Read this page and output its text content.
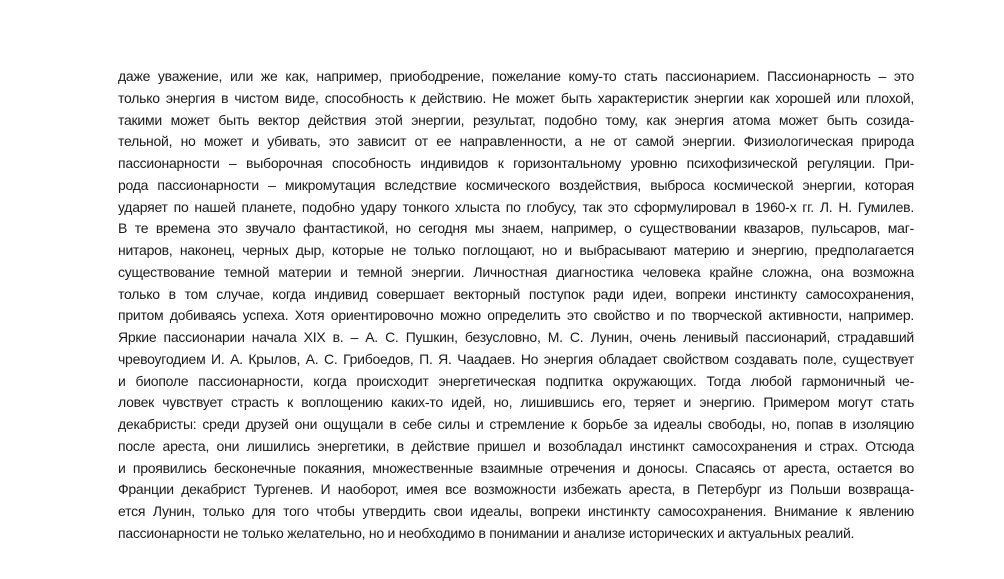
даже уважение, или же как, например, приободрение, пожелание кому-то стать пассионарием. Пассионарность – это
только энергия в чистом виде, способность к действию. Не может быть характеристик энергии как хорошей или плохой,
такими может быть вектор действия этой энергии, результат, подобно тому, как энергия атома может быть созида-
тельной, но может и убивать, это зависит от ее направленности, а не от самой энергии. Физиологическая природа
пассионарности – выборочная способность индивидов к горизонтальному уровню психофизической регуляции. При-
рода пассионарности – микромутация вследствие космического воздействия, выброса космической энергии, которая
ударяет по нашей планете, подобно удару тонкого хлыста по глобусу, так это сформулировал в 1960-х гг. Л. Н. Гумилев.
В те времена это звучало фантастикой, но сегодня мы знаем, например, о существовании квазаров, пульсаров, маг-
нитаров, наконец, черных дыр, которые не только поглощают, но и выбрасывают материю и энергию, предполагается
существование темной материи и темной энергии. Личностная диагностика человека крайне сложна, она возможна
только в том случае, когда индивид совершает векторный поступок ради идеи, вопреки инстинкту самосохранения,
притом добиваясь успеха. Хотя ориентировочно можно определить это свойство и по творческой активности, например.
Яркие пассионарии начала XIX в. – А. С. Пушкин, безусловно, М. С. Лунин, очень ленивый пассионарий, страдавший
чревоугодием И. А. Крылов, А. С. Грибоедов, П. Я. Чаадаев. Но энергия обладает свойством создавать поле, существует
и биополе пассионарности, когда происходит энергетическая подпитка окружающих. Тогда любой гармоничный че-
ловек чувствует страсть к воплощению каких-то идей, но, лишившись его, теряет и энергию. Примером могут стать
декабристы: среди друзей они ощущали в себе силы и стремление к борьбе за идеалы свободы, но, попав в изоляцию
после ареста, они лишились энергетики, в действие пришел и возобладал инстинкт самосохранения и страх. Отсюда
и проявились бесконечные покаяния, множественные взаимные отречения и доносы. Спасаясь от ареста, остается во
Франции декабрист Тургенев. И наоборот, имея все возможности избежать ареста, в Петербург из Польши возвраща-
ется Лунин, только для того чтобы утвердить свои идеалы, вопреки инстинкту самосохранения. Внимание к явлению
пассионарности не только желательно, но и необходимо в понимании и анализе исторических и актуальных реалий.
